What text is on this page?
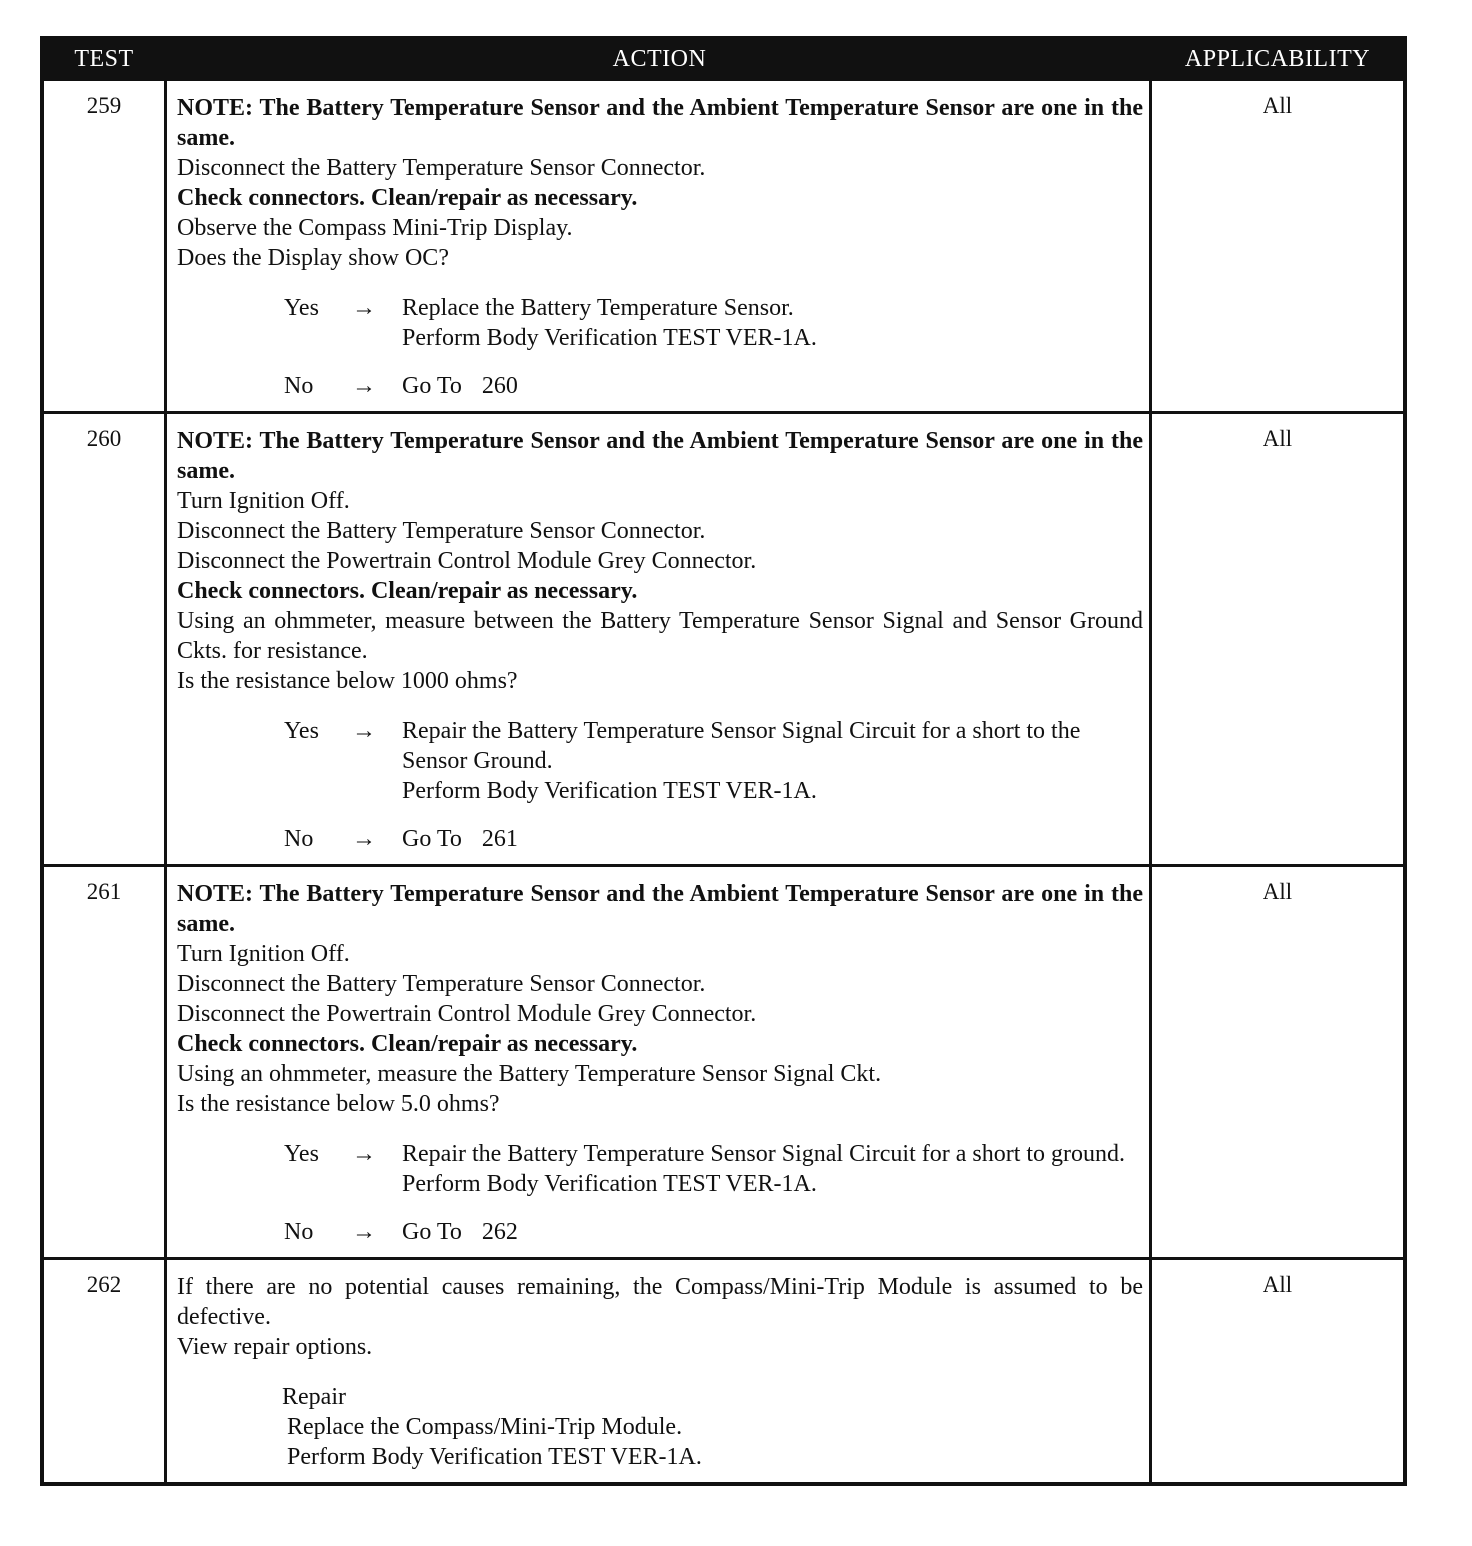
TEST	ACTION	APPLICABILITY
259	NOTE: The Battery Temperature Sensor and the Ambient Temperature Sensor are one in the same.
Disconnect the Battery Temperature Sensor Connector.
Check connectors. Clean/repair as necessary.
Observe the Compass Mini-Trip Display.
Does the Display show OC?
Yes	→	Replace the Battery Temperature Sensor.
Perform Body Verification TEST VER-1A.
No	→	Go To 260
All
260	NOTE: The Battery Temperature Sensor and the Ambient Temperature Sensor are one in the same.
Turn Ignition Off.
Disconnect the Battery Temperature Sensor Connector.
Disconnect the Powertrain Control Module Grey Connector.
Check connectors. Clean/repair as necessary.
Using an ohmmeter, measure between the Battery Temperature Sensor Signal and Sensor Ground Ckts. for resistance.
Is the resistance below 1000 ohms?
Yes	→	Repair the Battery Temperature Sensor Signal Circuit for a short to the Sensor Ground.
Perform Body Verification TEST VER-1A.
No	→	Go To 261
All
261	NOTE: The Battery Temperature Sensor and the Ambient Temperature Sensor are one in the same.
Turn Ignition Off.
Disconnect the Battery Temperature Sensor Connector.
Disconnect the Powertrain Control Module Grey Connector.
Check connectors. Clean/repair as necessary.
Using an ohmmeter, measure the Battery Temperature Sensor Signal Ckt.
Is the resistance below 5.0 ohms?
Yes	→	Repair the Battery Temperature Sensor Signal Circuit for a short to ground.
Perform Body Verification TEST VER-1A.
No	→	Go To 262
All
262	If there are no potential causes remaining, the Compass/Mini-Trip Module is assumed to be defective.
View repair options.
Repair
Replace the Compass/Mini-Trip Module.
Perform Body Verification TEST VER-1A.
All
